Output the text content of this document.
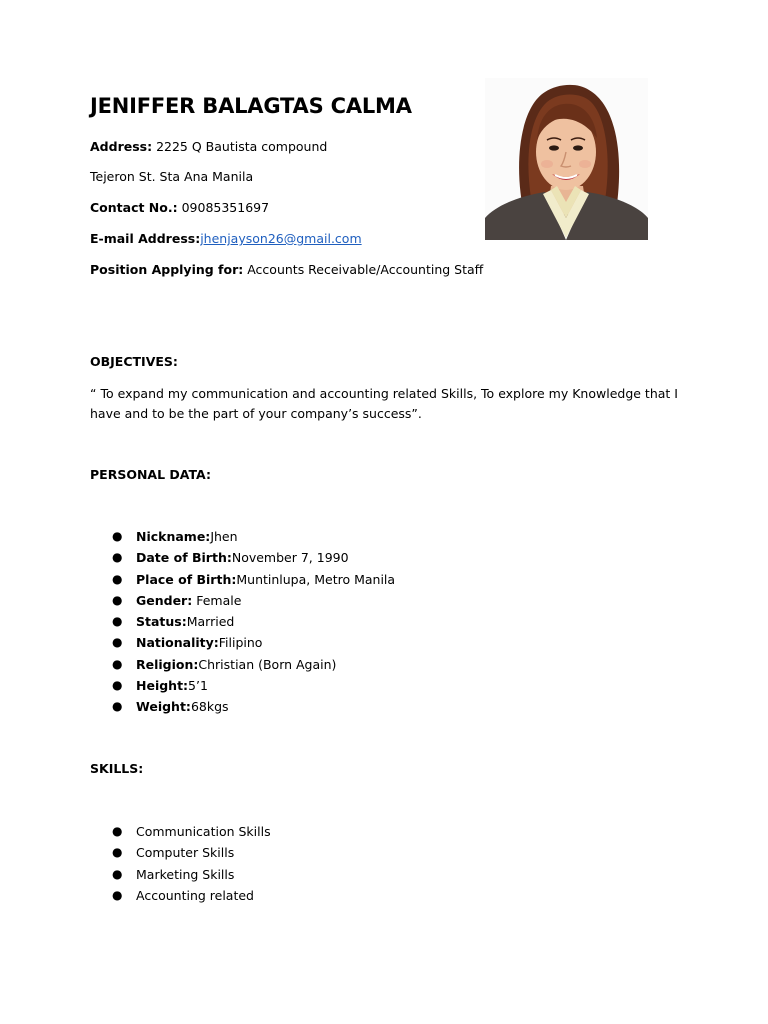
JENIFFER BALAGTAS CALMA
Address: 2225 Q Bautista compound
Tejeron St. Sta Ana Manila
Contact No.: 09085351697
E-mail Address:jhenjayson26@gmail.com
Position Applying for: Accounts Receivable/Accounting Staff
OBJECTIVES:

“ To expand my communication and accounting related Skills, To explore my Knowledge that I have and to be the part of your company’s success”.

PERSONAL DATA:
● Nickname:Jhen
● Date of Birth:November 7, 1990
● Place of Birth:Muntinlupa, Metro Manila
● Gender: Female
● Status:Married
● Nationality:Filipino
● Religion:Christian (Born Again)
● Height:5’1
● Weight:68kgs
SKILLS:
● Communication Skills
● Computer Skills
● Marketing Skills
● Accounting related
